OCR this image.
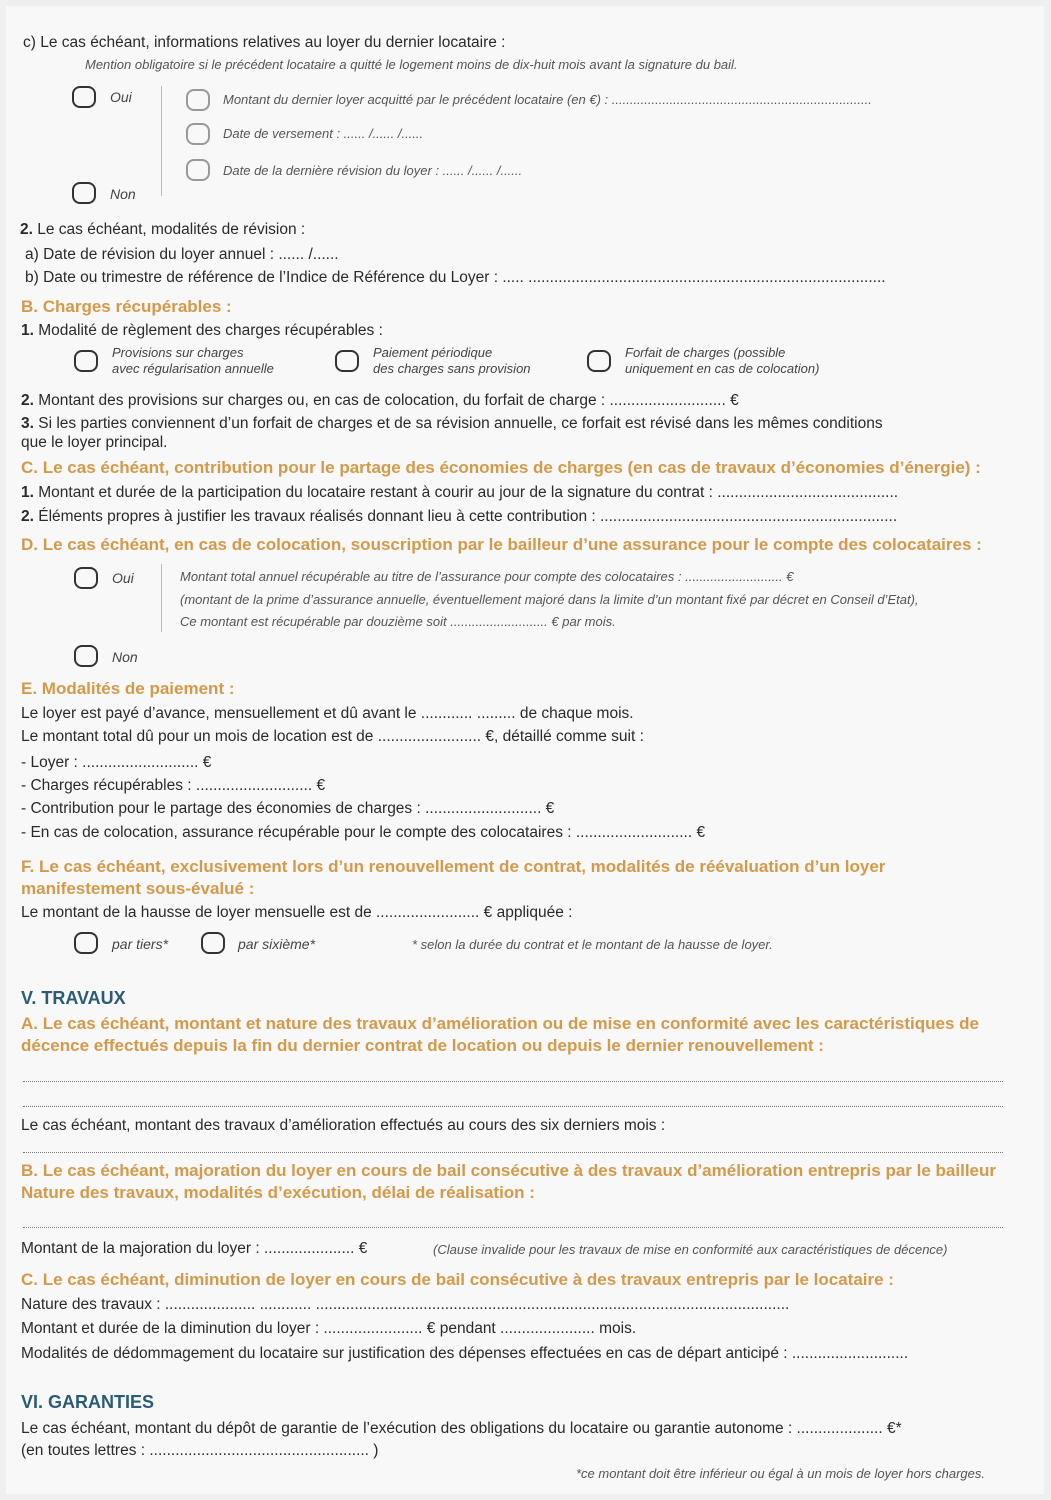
c) Le cas échéant, informations relatives au loyer du dernier locataire :
Mention obligatoire si le précédent locataire a quitté le logement moins de dix-huit mois avant la signature du bail.
Oui	Montant du dernier loyer acquitté par le précédent locataire (en €) : ........................................................................
Date de versement : ...... /...... /......
Date de la dernière révision du loyer : ...... /...... /......
Non
2. Le cas échéant, modalités de révision :
a) Date de révision du loyer annuel : ...... /......
b) Date ou trimestre de référence de l’Indice de Référence du Loyer : ..... ...................................................................................
B. Charges récupérables :
1. Modalité de règlement des charges récupérables :
Provisions sur charges
avec régularisation annuelle
Paiement périodique
des charges sans provision
Forfait de charges (possible
uniquement en cas de colocation)
2. Montant des provisions sur charges ou, en cas de colocation, du forfait de charge : ........................... €
3. Si les parties conviennent d’un forfait de charges et de sa révision annuelle, ce forfait est révisé dans les mêmes conditions
que le loyer principal.
C. Le cas échéant, contribution pour le partage des économies de charges (en cas de travaux d’économies d’énergie) :
1. Montant et durée de la participation du locataire restant à courir au jour de la signature du contrat : ..........................................
2. Éléments propres à justifier les travaux réalisés donnant lieu à cette contribution : .....................................................................
D. Le cas échéant, en cas de colocation, souscription par le bailleur d’une assurance pour le compte des colocataires :
Oui	Montant total annuel récupérable au titre de l’assurance pour compte des colocataires : ........................... €
(montant de la prime d’assurance annuelle, éventuellement majoré dans la limite d’un montant fixé par décret en Conseil d’Etat),
Ce montant est récupérable par douzième soit ........................... € par mois.
Non
E. Modalités de paiement :
Le loyer est payé d’avance, mensuellement et dû avant le ............ ......... de chaque mois.
Le montant total dû pour un mois de location est de ........................ €, détaillé comme suit :
- Loyer : ........................... €
- Charges récupérables : ........................... €
- Contribution pour le partage des économies de charges : ........................... €
- En cas de colocation, assurance récupérable pour le compte des colocataires : ........................... €
F. Le cas échéant, exclusivement lors d’un renouvellement de contrat, modalités de réévaluation d’un loyer
manifestement sous-évalué :
Le montant de la hausse de loyer mensuelle est de ........................ € appliquée :
par tiers*	par sixième*	* selon la durée du contrat et le montant de la hausse de loyer.
V. TRAVAUX
A. Le cas échéant, montant et nature des travaux d’amélioration ou de mise en conformité avec les caractéristiques de
décence effectués depuis la fin du dernier contrat de location ou depuis le dernier renouvellement :
Le cas échéant, montant des travaux d’amélioration effectués au cours des six derniers mois :
B. Le cas échéant, majoration du loyer en cours de bail consécutive à des travaux d’amélioration entrepris par le bailleur
Nature des travaux, modalités d’exécution, délai de réalisation :
Montant de la majoration du loyer : ..................... €	(Clause invalide pour les travaux de mise en conformité aux caractéristiques de décence)
C. Le cas échéant, diminution de loyer en cours de bail consécutive à des travaux entrepris par le locataire :
Nature des travaux : ..................... ............ ..............................................................................................................
Montant et durée de la diminution du loyer : ....................... € pendant ...................... mois.
Modalités de dédommagement du locataire sur justification des dépenses effectuées en cas de départ anticipé : ...........................
VI. GARANTIES
Le cas échéant, montant du dépôt de garantie de l’exécution des obligations du locataire ou garantie autonome : .................... €*
(en toutes lettres : ................................................... )
*ce montant doit être inférieur ou égal à un mois de loyer hors charges.
